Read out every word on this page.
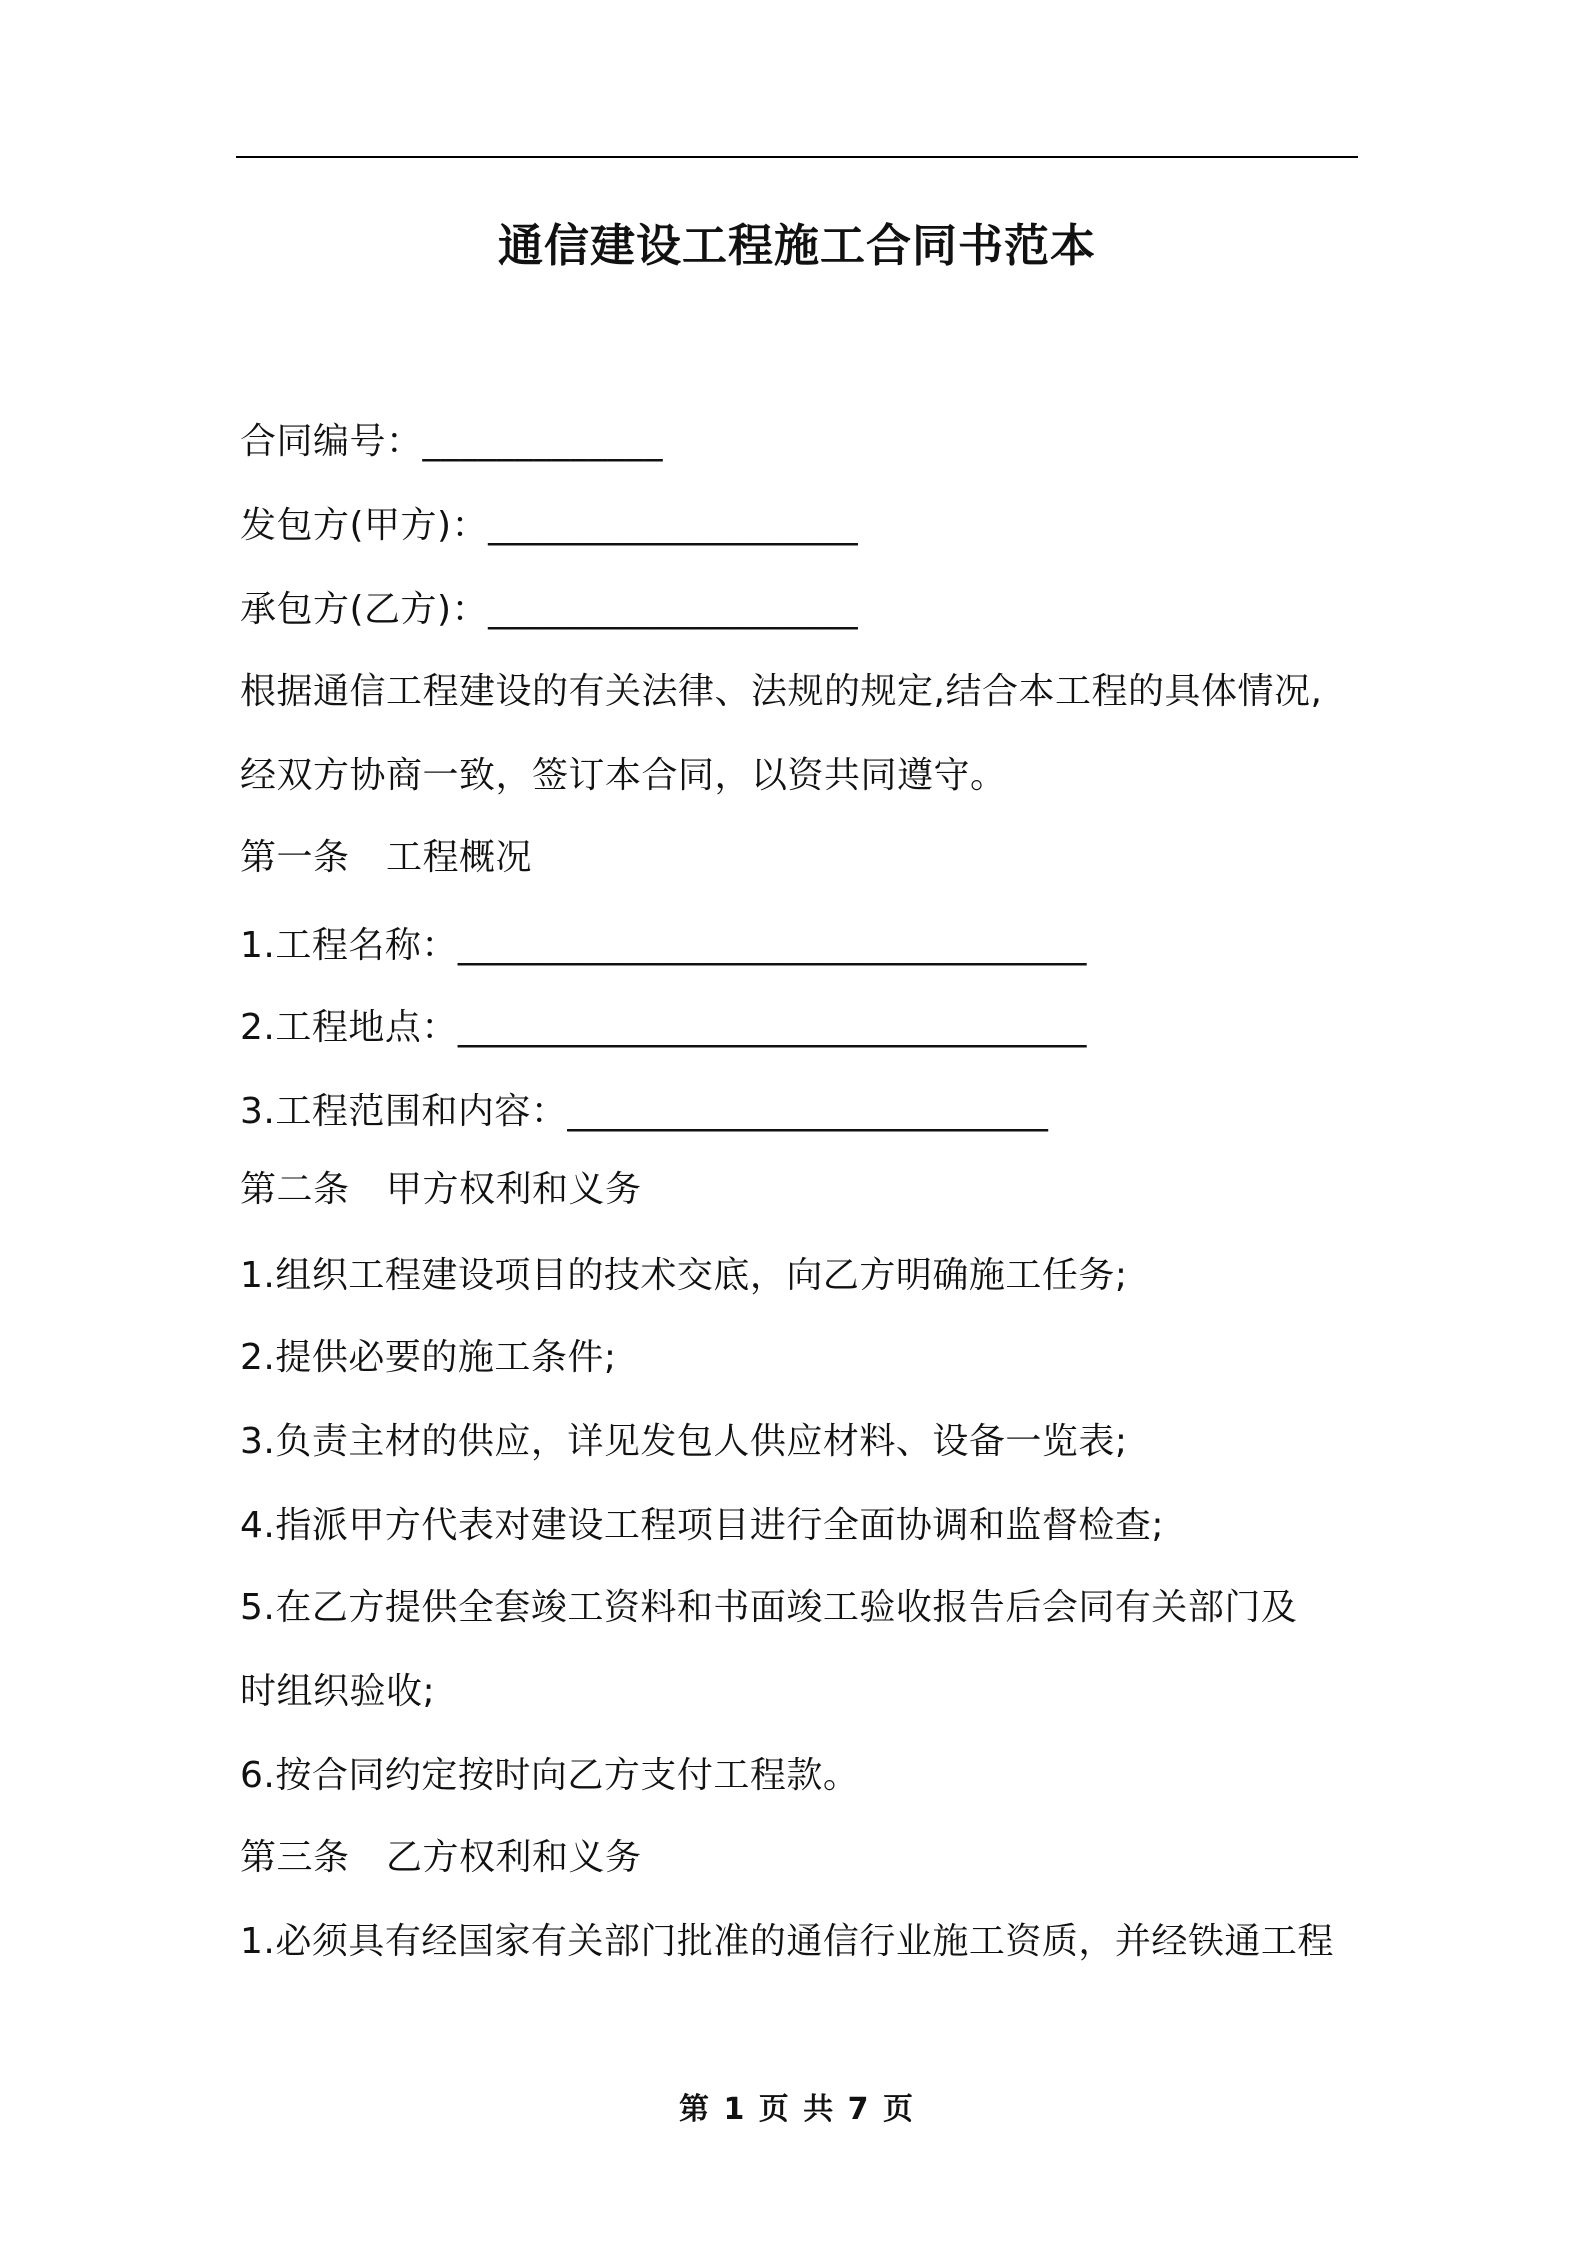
通信建设工程施工合同书范本
合同编号：_____________
发包方(甲方)：____________________
承包方(乙方)：____________________
根据通信工程建设的有关法律、法规的规定,结合本工程的具体情况,
经双方协商一致，签订本合同，以资共同遵守。
第一条　工程概况
1.工程名称：__________________________________
2.工程地点：__________________________________
3.工程范围和内容：__________________________
第二条　甲方权利和义务
1.组织工程建设项目的技术交底，向乙方明确施工任务;
2.提供必要的施工条件;
3.负责主材的供应，详见发包人供应材料、设备一览表;
4.指派甲方代表对建设工程项目进行全面协调和监督检查;
5.在乙方提供全套竣工资料和书面竣工验收报告后会同有关部门及
时组织验收;
6.按合同约定按时向乙方支付工程款。
第三条　乙方权利和义务
1.必须具有经国家有关部门批准的通信行业施工资质，并经铁通工程
第 1 页 共 7 页
